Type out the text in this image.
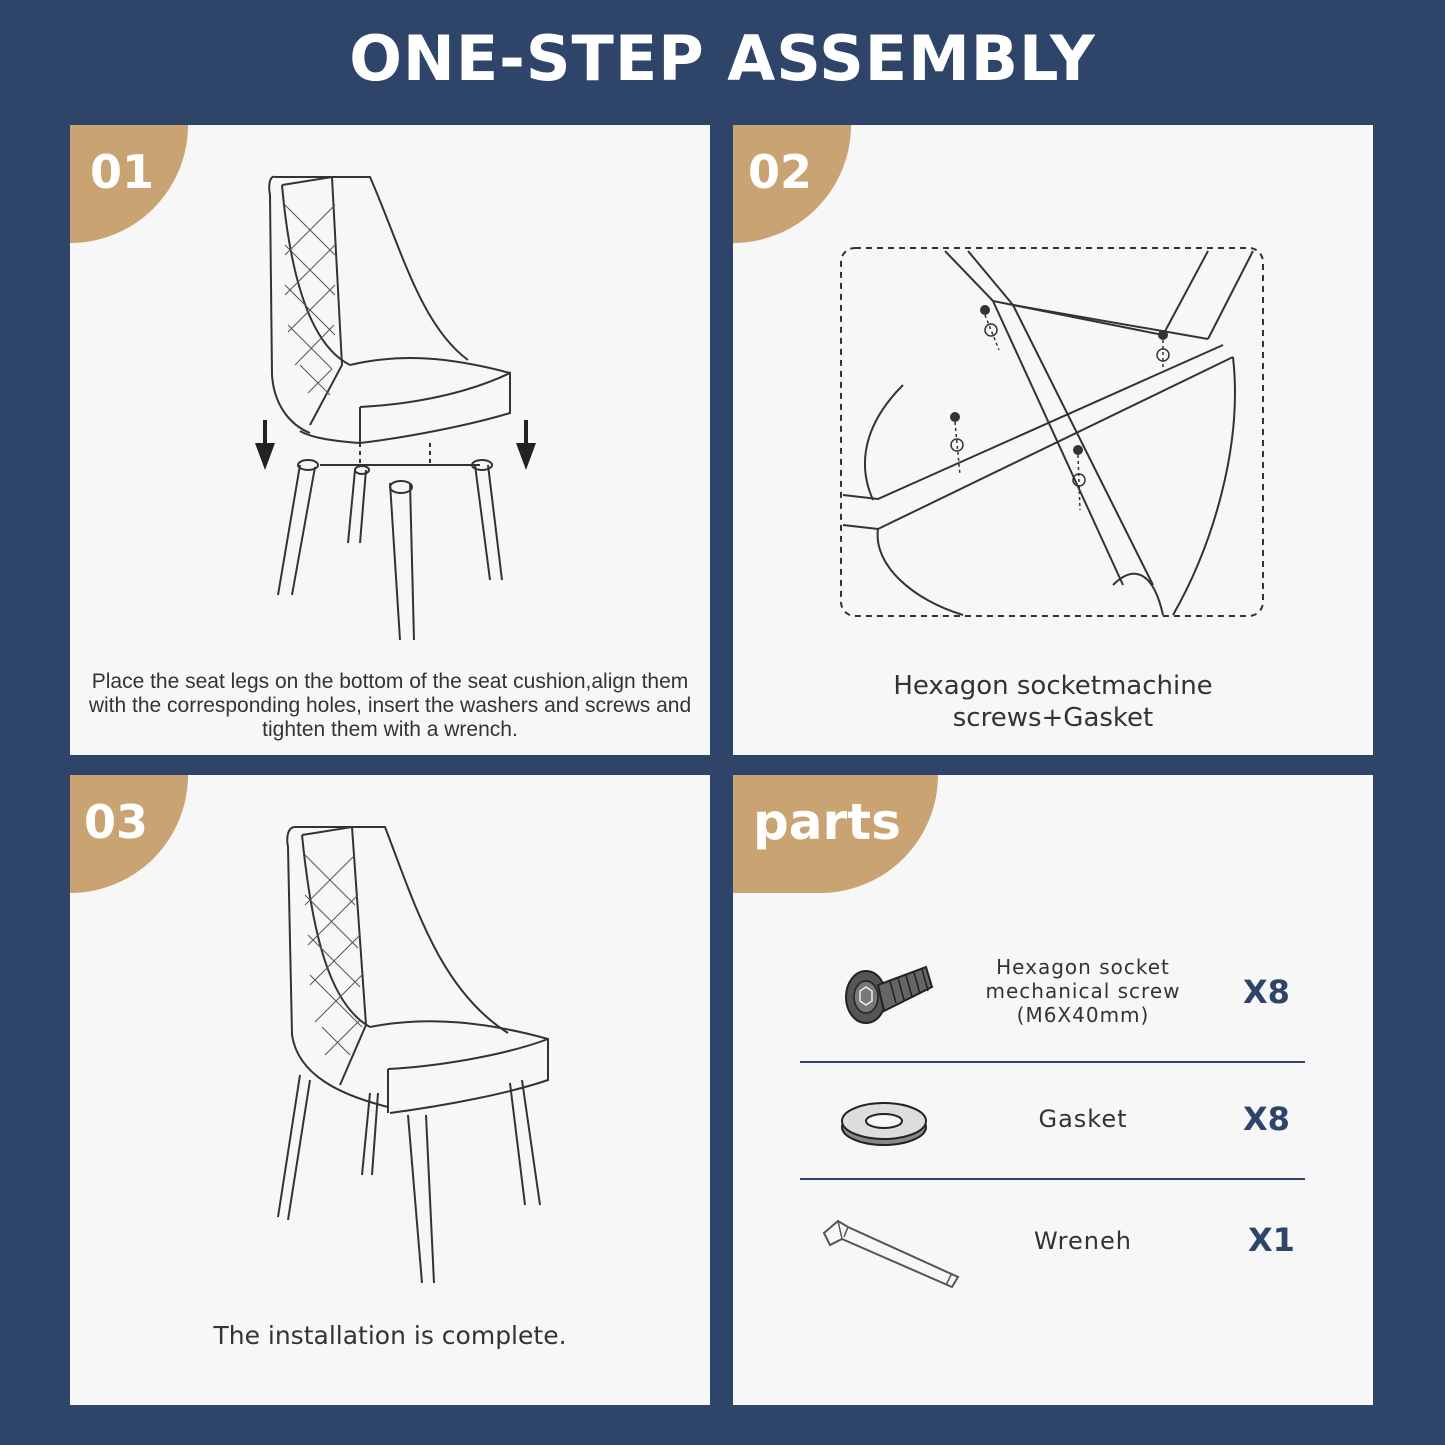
ONE-STEP ASSEMBLY
01
Place the seat legs on the bottom of the seat cushion,align them with the corresponding holes, insert the washers and screws and tighten them with a wrench.
02
Hexagon socketmachine
screws+Gasket
03
The installation is complete.
parts
Hexagon socket
mechanical screw
(M6X40mm)
X8
Gasket	X8
Wreneh	X1
